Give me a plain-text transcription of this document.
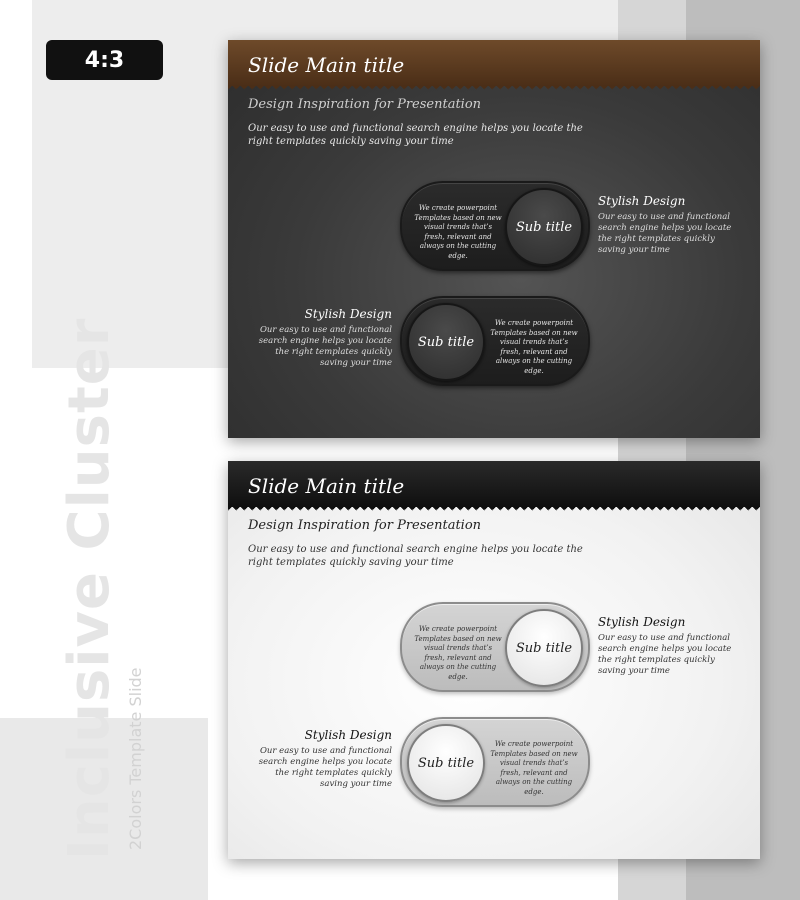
4:3
Inclusive Cluster 2Colors Template Slide
Slide Main title
Design Inspiration for Presentation
Our easy to use and functional search engine helps you locate the right templates quickly saving your time
We create powerpoint Templates based on new visual trends that’s fresh, relevant and always on the cutting edge.
Sub title
Stylish Design
Our easy to use and functional search engine helps you locate the right templates quickly saving your time
Sub title
We create powerpoint Templates based on new visual trends that’s fresh, relevant and always on the cutting edge.
Stylish Design
Our easy to use and functional search engine helps you locate the right templates quickly saving your time
Slide Main title
Design Inspiration for Presentation
Our easy to use and functional search engine helps you locate the right templates quickly saving your time
We create powerpoint Templates based on new visual trends that’s fresh, relevant and always on the cutting edge.
Sub title
Stylish Design
Our easy to use and functional search engine helps you locate the right templates quickly saving your time
Sub title
We create powerpoint Templates based on new visual trends that’s fresh, relevant and always on the cutting edge.
Stylish Design
Our easy to use and functional search engine helps you locate the right templates quickly saving your time
